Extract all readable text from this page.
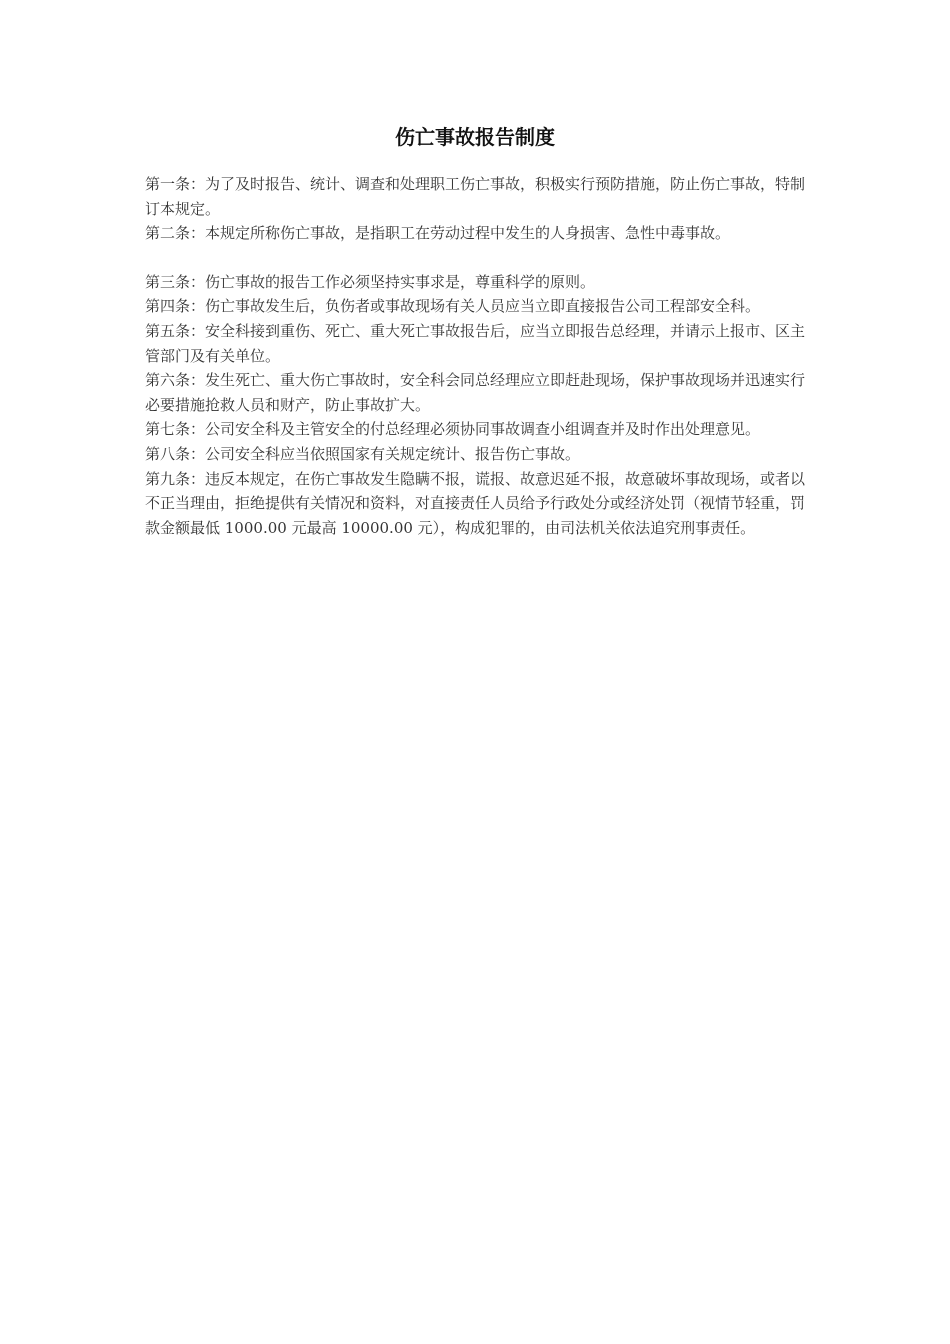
伤亡事故报告制度

第一条：为了及时报告、统计、调查和处理职工伤亡事故，积极实行预防措施，防止伤亡事故，特制订本规定。

第二条：本规定所称伤亡事故，是指职工在劳动过程中发生的人身损害、急性中毒事故。

第三条：伤亡事故的报告工作必须坚持实事求是，尊重科学的原则。

第四条：伤亡事故发生后，负伤者或事故现场有关人员应当立即直接报告公司工程部安全科。

第五条：安全科接到重伤、死亡、重大死亡事故报告后，应当立即报告总经理，并请示上报市、区主管部门及有关单位。

第六条：发生死亡、重大伤亡事故时，安全科会同总经理应立即赶赴现场，保护事故现场并迅速实行必要措施抢救人员和财产，防止事故扩大。

第七条：公司安全科及主管安全的付总经理必须协同事故调查小组调查并及时作出处理意见。

第八条：公司安全科应当依照国家有关规定统计、报告伤亡事故。

第九条：违反本规定，在伤亡事故发生隐瞒不报，谎报、故意迟延不报，故意破坏事故现场，或者以不正当理由，拒绝提供有关情况和资料，对直接责任人员给予行政处分或经济处罚（视情节轻重，罚款金额最低 1000.00 元最高 10000.00 元），构成犯罪的，由司法机关依法追究刑事责任。
